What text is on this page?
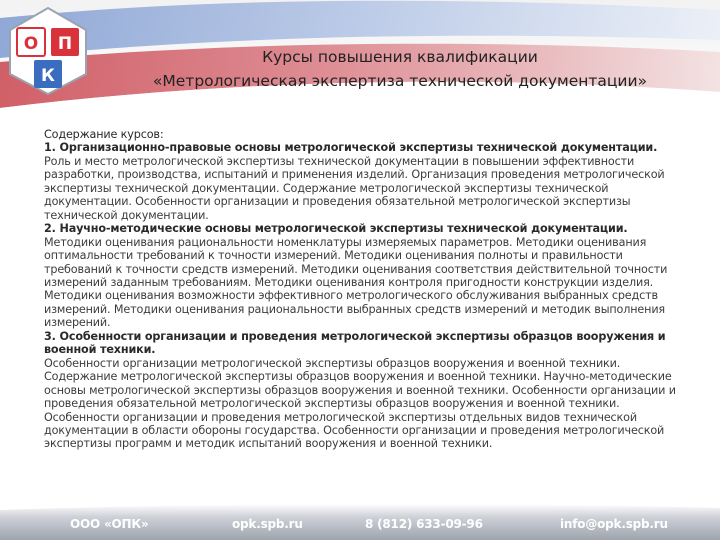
О П
К
Курсы повышения квалификации
«Метрологическая экспертиза технической документации»

Содержание курсов:

1. Организационно-правовые основы метрологической экспертизы технической документации.

Роль и место метрологической экспертизы технической документации в повышении эффективности разработки, производства, испытаний и применения изделий. Организация проведения метрологической экспертизы технической документации. Содержание метрологической экспертизы технической документации. Особенности организации и проведения обязательной метрологической экспертизы технической документации.

2. Научно-методические основы метрологической экспертизы технической документации.

Методики оценивания рациональности номенклатуры измеряемых параметров. Методики оценивания оптимальности требований к точности измерений. Методики оценивания полноты и правильности требований к точности средств измерений. Методики оценивания соответствия действительной точности измерений заданным требованиям. Методики оценивания контроля пригодности конструкции изделия. Методики оценивания возможности эффективного метрологического обслуживания выбранных средств измерений. Методики оценивания рациональности выбранных средств измерений и методик выполнения измерений.

3. Особенности организации и проведения метрологической экспертизы образцов вооружения и военной техники.

Особенности организации метрологической экспертизы образцов вооружения и военной техники. Содержание метрологической экспертизы образцов вооружения и военной техники. Научно-методические основы метрологической экспертизы образцов вооружения и военной техники. Особенности организации и проведения обязательной метрологической экспертизы образцов вооружения и военной техники. Особенности организации и проведения метрологической экспертизы отдельных видов технической документации в области обороны государства. Особенности организации и проведения метрологической экспертизы программ и методик испытаний вооружения и военной техники.

ООО «ОПК»	opk.spb.ru	8 (812) 633-09-96	info@opk.spb.ru
